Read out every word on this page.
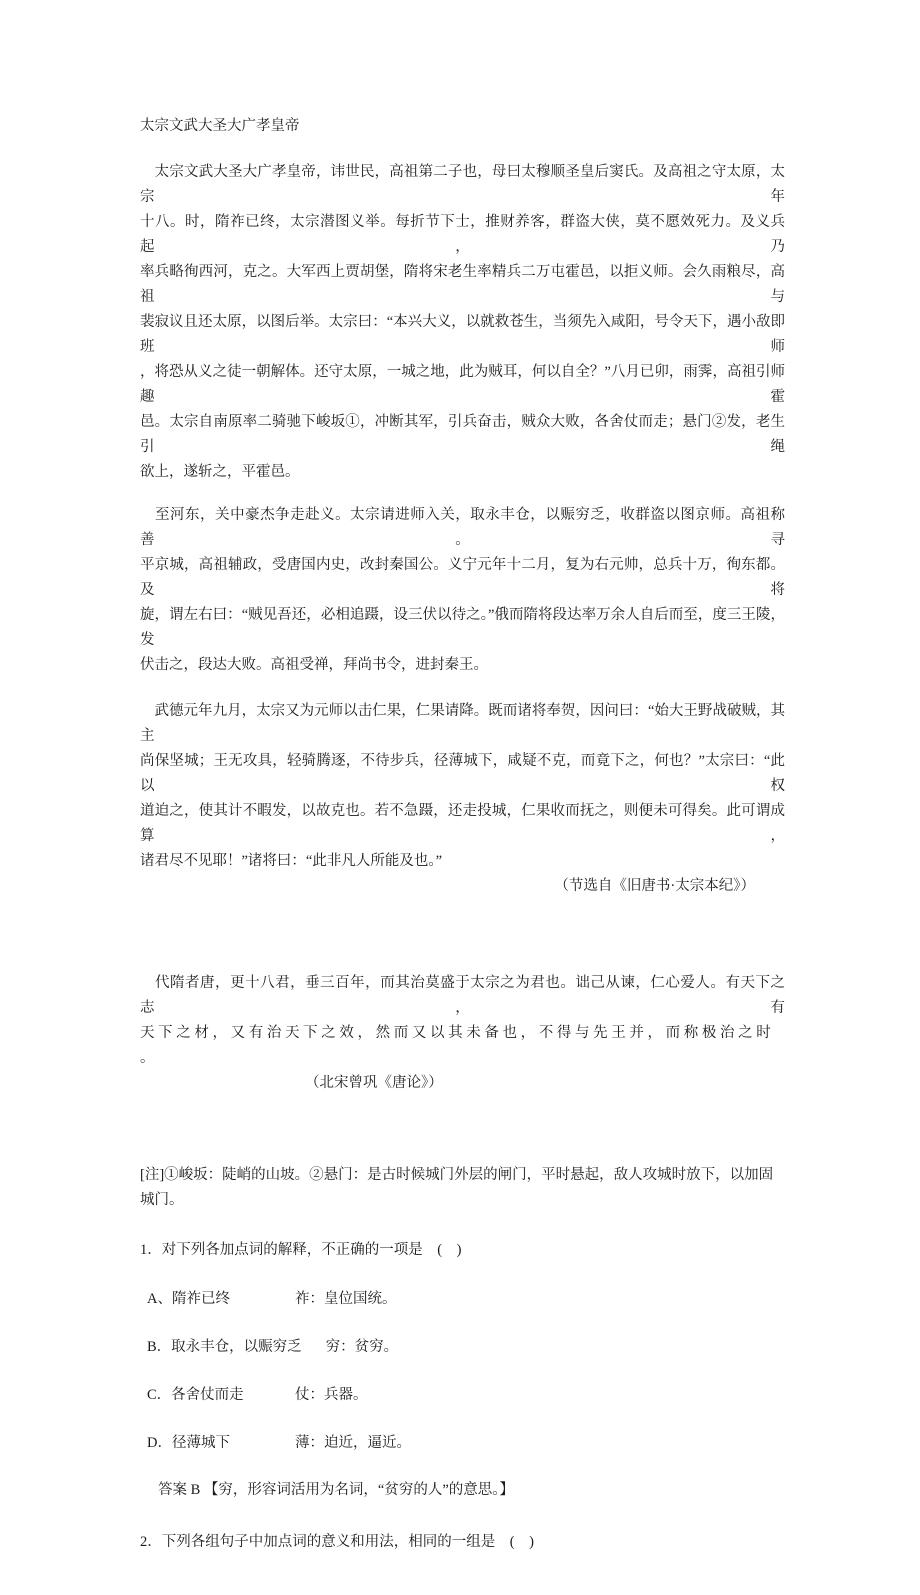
太宗文武大圣大广孝皇帝
　太宗文武大圣大广孝皇帝，讳世民，高祖第二子也，母曰太穆顺圣皇后窦氏。及高祖之守太原，太宗年
十八。时，隋祚已终，太宗潜图义举。每折节下士，推财养客，群盗大侠，莫不愿效死力。及义兵起，乃
率兵略徇西河，克之。大军西上贾胡堡，隋将宋老生率精兵二万屯霍邑，以拒义师。会久雨粮尽，高祖与
裴寂议且还太原，以图后举。太宗曰：“本兴大义，以就救苍生，当须先入咸阳，号令天下，遇小敌即班师
，将恐从义之徒一朝解体。还守太原，一城之地，此为贼耳，何以自全？”八月已卯，雨霁，高祖引师趣霍
邑。太宗自南原率二骑驰下峻坂①，冲断其军，引兵奋击，贼众大败，各舍仗而走；悬门②发，老生引绳
欲上，遂斩之，平霍邑。
　至河东，关中豪杰争走赴义。太宗请进师入关，取永丰仓，以赈穷乏，收群盗以图京师。高祖称善。寻
平京城，高祖辅政，受唐国内史，改封秦国公。义宁元年十二月，复为右元帅，总兵十万，徇东都。及将
旋，谓左右曰：“贼见吾还，必相追蹑，设三伏以待之。”俄而隋将段达率万余人自后而至，度三王陵，发
伏击之，段达大败。高祖受禅，拜尚书令，进封秦王。
　武德元年九月，太宗又为元师以击仁果，仁果请降。既而诸将奉贺，因问曰：“始大王野战破贼，其主
尚保坚城；王无攻具，轻骑腾逐，不待步兵，径薄城下，咸疑不克，而竟下之，何也？”太宗曰：“此以权
道迫之，使其计不暇发，以故克也。若不急蹑，还走投城，仁果收而抚之，则便未可得矣。此可谓成算，
诸君尽不见耶！”诸将曰：“此非凡人所能及也。”
（节选自《旧唐书·太宗本纪》）
　代隋者唐，更十八君，垂三百年，而其治莫盛于太宗之为君也。诎己从谏，仁心爱人。有天下之志，有
天 下 之 材 ， 又 有 治 天 下 之 效 ， 然 而 又 以 其 未 备 也 ， 不 得 与 先 王 并 ， 而 称 极 治 之 时 。
（北宋曾巩《唐论》）
[注]①峻坂：陡峭的山坡。②悬门：是古时候城门外层的闸门，平时悬起，敌人攻城时放下，以加固城门。
1．对下列各加点词的解释，不正确的一项是　(　)
A、隋祚已终	祚：皇位国统。
B．取永丰仓，以赈穷乏 穷：贫穷。
C．各舍仗而走	仗：兵器。
D．径薄城下	薄：迫近，逼近。
答案 B 【穷，形容词活用为名词，“贫穷的人”的意思。】
2．下列各组句子中加点词的意义和用法，相同的一组是　(　)
